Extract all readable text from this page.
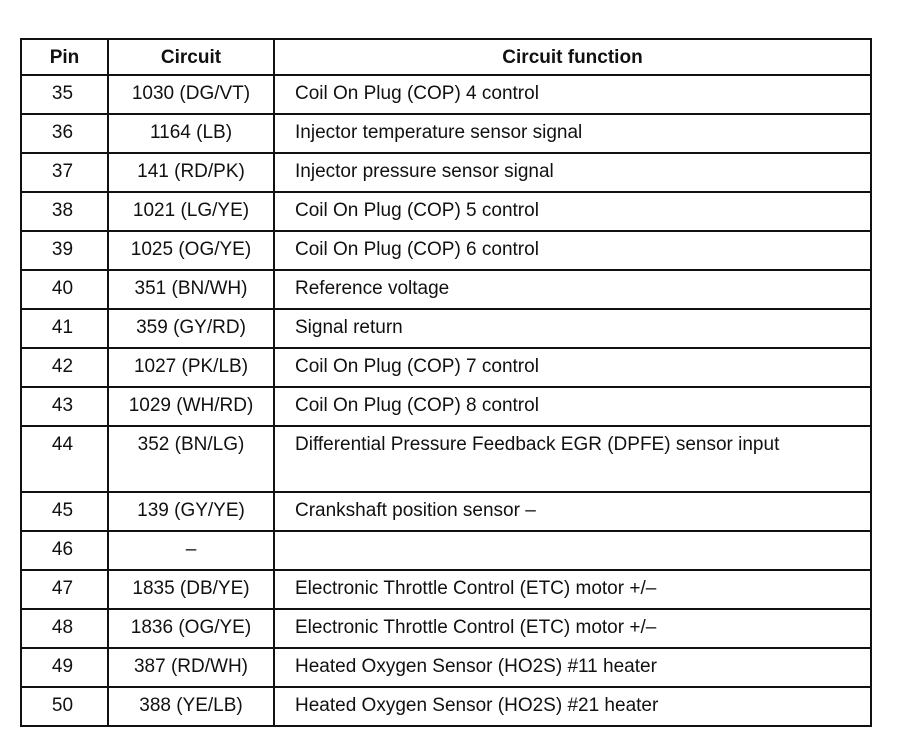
Pin	Circuit	Circuit function
35	1030 (DG/VT)	Coil On Plug (COP) 4 control
36	1164 (LB)	Injector temperature sensor signal
37	141 (RD/PK)	Injector pressure sensor signal
38	1021 (LG/YE)	Coil On Plug (COP) 5 control
39	1025 (OG/YE)	Coil On Plug (COP) 6 control
40	351 (BN/WH)	Reference voltage
41	359 (GY/RD)	Signal return
42	1027 (PK/LB)	Coil On Plug (COP) 7 control
43	1029 (WH/RD)	Coil On Plug (COP) 8 control
44	352 (BN/LG)	Differential Pressure Feedback EGR (DPFE) sensor input
45	139 (GY/YE)	Crankshaft position sensor –
46	–	
47	1835 (DB/YE)	Electronic Throttle Control (ETC) motor +/–
48	1836 (OG/YE)	Electronic Throttle Control (ETC) motor +/–
49	387 (RD/WH)	Heated Oxygen Sensor (HO2S) #11 heater
50	388 (YE/LB)	Heated Oxygen Sensor (HO2S) #21 heater
